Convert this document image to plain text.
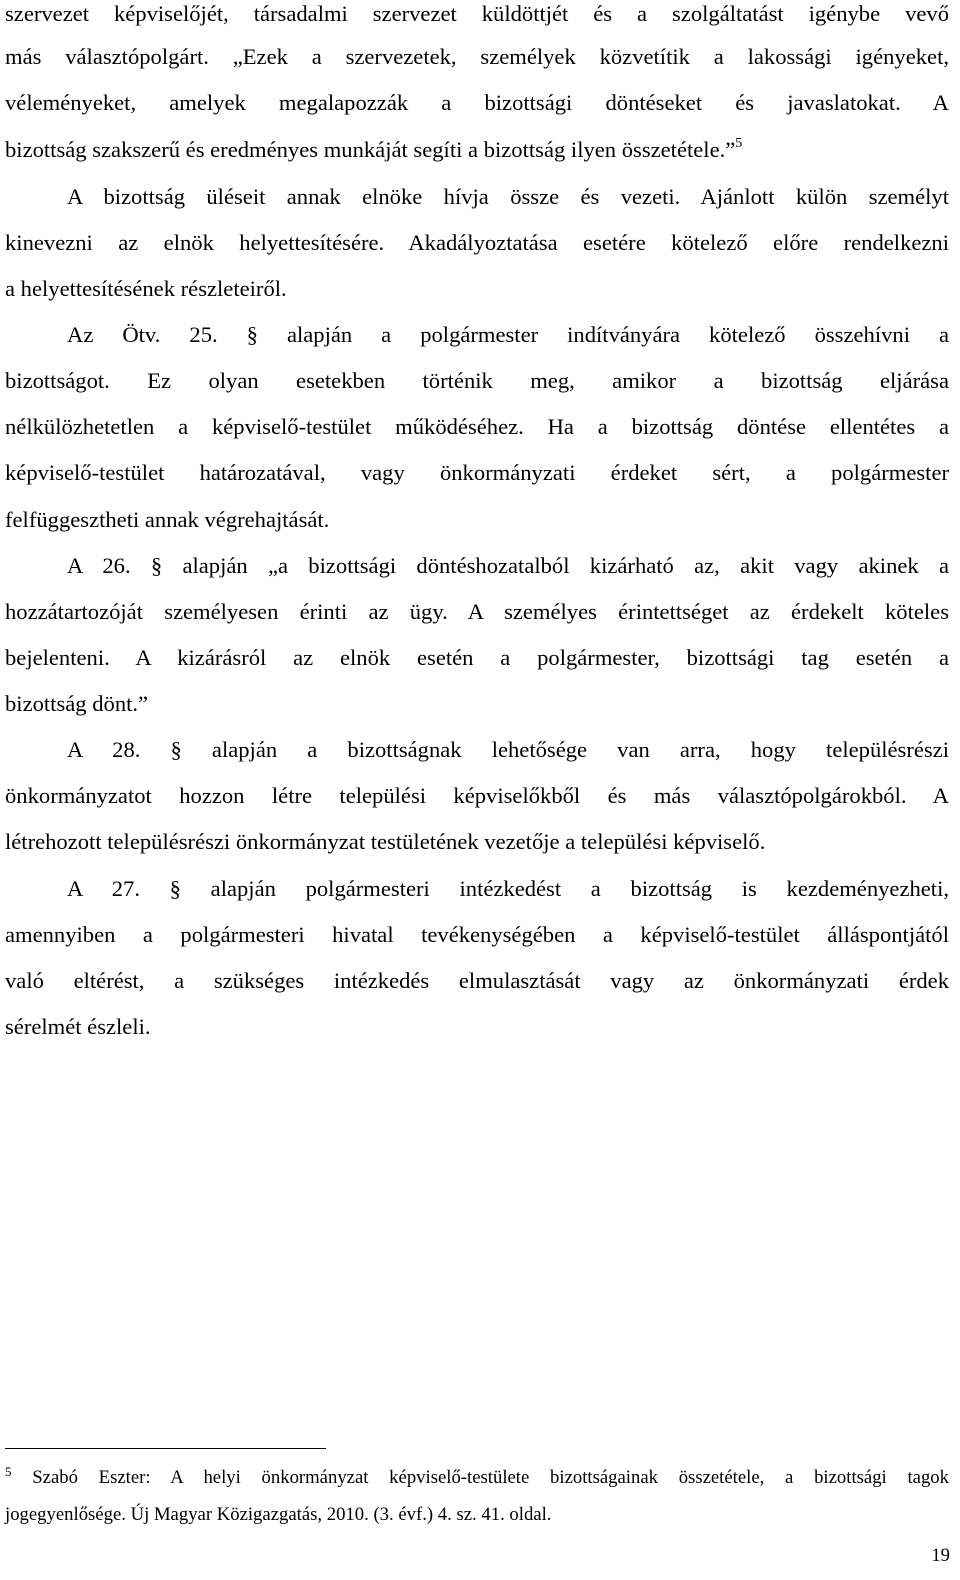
szervezet képviselőjét, társadalmi szervezet küldöttjét és a szolgáltatást igénybe vevő
más választópolgárt. „Ezek a szervezetek, személyek közvetítik a lakossági igényeket,
véleményeket, amelyek megalapozzák a bizottsági döntéseket és javaslatokat. A
bizottság szakszerű és eredményes munkáját segíti a bizottság ilyen összetétele.”$^5$
A bizottság üléseit annak elnöke hívja össze és vezeti. Ajánlott külön személyt
kinevezni az elnök helyettesítésére. Akadályoztatása esetére kötelező előre rendelkezni
a helyettesítésének részleteiről.
Az Ötv. 25. § alapján a polgármester indítványára kötelező összehívni a
bizottságot. Ez olyan esetekben történik meg, amikor a bizottság eljárása
nélkülözhetetlen a képviselő-testület működéséhez. Ha a bizottság döntése ellentétes a
képviselő-testület határozatával, vagy önkormányzati érdeket sért, a polgármester
felfüggesztheti annak végrehajtását.
A 26. § alapján „a bizottsági döntéshozatalból kizárható az, akit vagy akinek a
hozzátartozóját személyesen érinti az ügy. A személyes érintettséget az érdekelt köteles
bejelenteni. A kizárásról az elnök esetén a polgármester, bizottsági tag esetén a
bizottság dönt.”
A 28. § alapján a bizottságnak lehetősége van arra, hogy településrészi
önkormányzatot hozzon létre települési képviselőkből és más választópolgárokból. A
létrehozott településrészi önkormányzat testületének vezetője a települési képviselő.
A 27. § alapján polgármesteri intézkedést a bizottság is kezdeményezheti,
amennyiben a polgármesteri hivatal tevékenységében a képviselő-testület álláspontjától
való eltérést, a szükséges intézkedés elmulasztását vagy az önkormányzati érdek
sérelmét észleli.
$^5$ Szabó Eszter: A helyi önkormányzat képviselő-testülete bizottságainak összetétele, a bizottsági tagok
jogegyenlősége. Új Magyar Közigazgatás, 2010. (3. évf.) 4. sz. 41. oldal.
19
